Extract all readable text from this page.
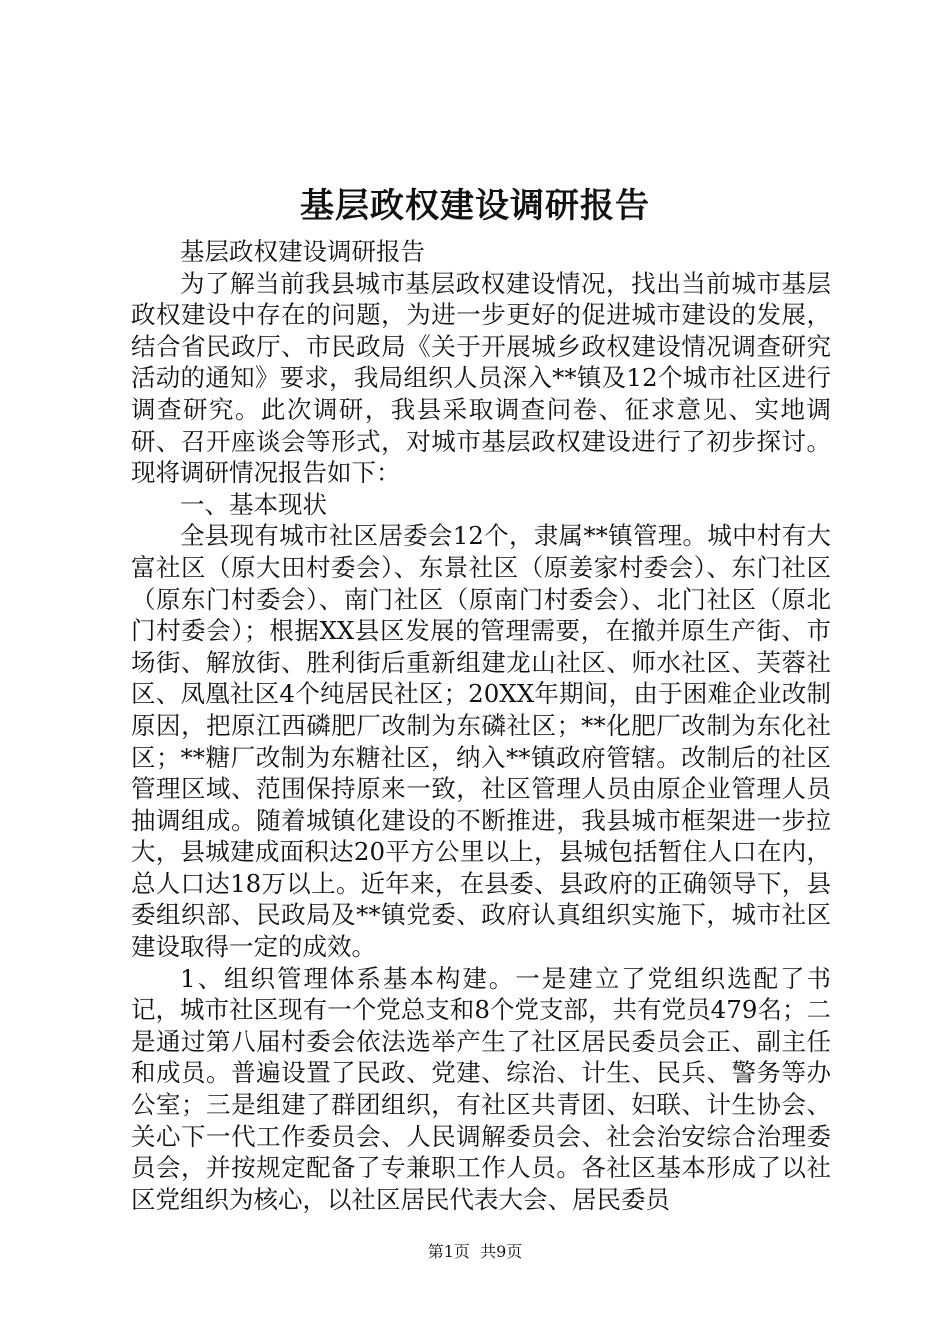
基层政权建设调研报告

基层政权建设调研报告

为了解当前我县城市基层政权建设情况，找出当前城市基层政权建设中存在的问题，为进一步更好的促进城市建设的发展，结合省民政厅、市民政局《关于开展城乡政权建设情况调查研究活动的通知》要求，我局组织人员深入**镇及12个城市社区进行调查研究。此次调研，我县采取调查问卷、征求意见、实地调研、召开座谈会等形式，对城市基层政权建设进行了初步探讨。现将调研情况报告如下：

一、基本现状

全县现有城市社区居委会12个，隶属**镇管理。城中村有大富社区（原大田村委会）、东景社区（原姜家村委会）、东门社区（原东门村委会）、南门社区（原南门村委会）、北门社区（原北门村委会）；根据XX县区发展的管理需要，在撤并原生产街、市场街、解放街、胜利街后重新组建龙山社区、师水社区、芙蓉社区、凤凰社区4个纯居民社区；20XX年期间，由于困难企业改制原因，把原江西磷肥厂改制为东磷社区；**化肥厂改制为东化社区；**糖厂改制为东糖社区，纳入**镇政府管辖。改制后的社区管理区域、范围保持原来一致，社区管理人员由原企业管理人员抽调组成。随着城镇化建设的不断推进，我县城市框架进一步拉大，县城建成面积达20平方公里以上，县城包括暂住人口在内，总人口达18万以上。近年来，在县委、县政府的正确领导下，县委组织部、民政局及**镇党委、政府认真组织实施下，城市社区建设取得一定的成效。

1、组织管理体系基本构建。一是建立了党组织选配了书记，城市社区现有一个党总支和8个党支部，共有党员479名；二是通过第八届村委会依法选举产生了社区居民委员会正、副主任和成员。普遍设置了民政、党建、综治、计生、民兵、警务等办公室；三是组建了群团组织，有社区共青团、妇联、计生协会、关心下一代工作委员会、人民调解委员会、社会治安综合治理委员会，并按规定配备了专兼职工作人员。各社区基本形成了以社区党组织为核心，以社区居民代表大会、居民委员

第1页 共9页
